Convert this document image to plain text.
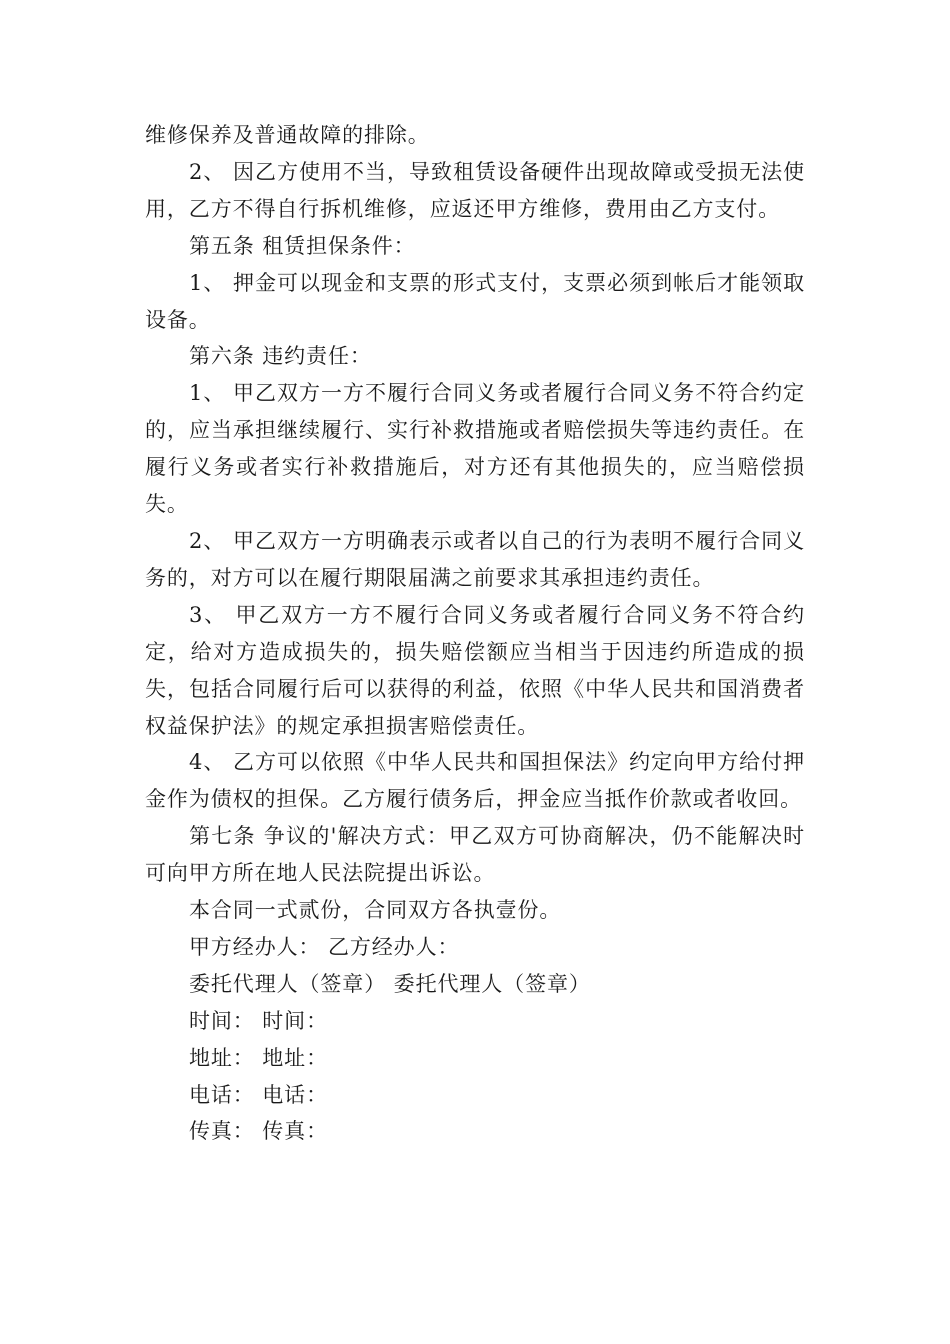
维修保养及普通故障的排除。

2、 因乙方使用不当，导致租赁设备硬件出现故障或受损无法使用，乙方不得自行拆机维修，应返还甲方维修，费用由乙方支付。

第五条 租赁担保条件：

1、 押金可以现金和支票的形式支付，支票必须到帐后才能领取设备。

第六条 违约责任：

1、 甲乙双方一方不履行合同义务或者履行合同义务不符合约定的，应当承担继续履行、实行补救措施或者赔偿损失等违约责任。在履行义务或者实行补救措施后，对方还有其他损失的，应当赔偿损失。

2、 甲乙双方一方明确表示或者以自己的行为表明不履行合同义务的，对方可以在履行期限届满之前要求其承担违约责任。

3、 甲乙双方一方不履行合同义务或者履行合同义务不符合约定，给对方造成损失的，损失赔偿额应当相当于因违约所造成的损失，包括合同履行后可以获得的利益，依照《中华人民共和国消费者权益保护法》的规定承担损害赔偿责任。

4、 乙方可以依照《中华人民共和国担保法》约定向甲方给付押金作为债权的担保。乙方履行债务后，押金应当抵作价款或者收回。

第七条 争议的'解决方式：甲乙双方可协商解决，仍不能解决时可向甲方所在地人民法院提出诉讼。

本合同一式贰份，合同双方各执壹份。

甲方经办人： 乙方经办人：

委托代理人（签章） 委托代理人（签章）

时间： 时间：

地址： 地址：

电话： 电话：

传真： 传真：
